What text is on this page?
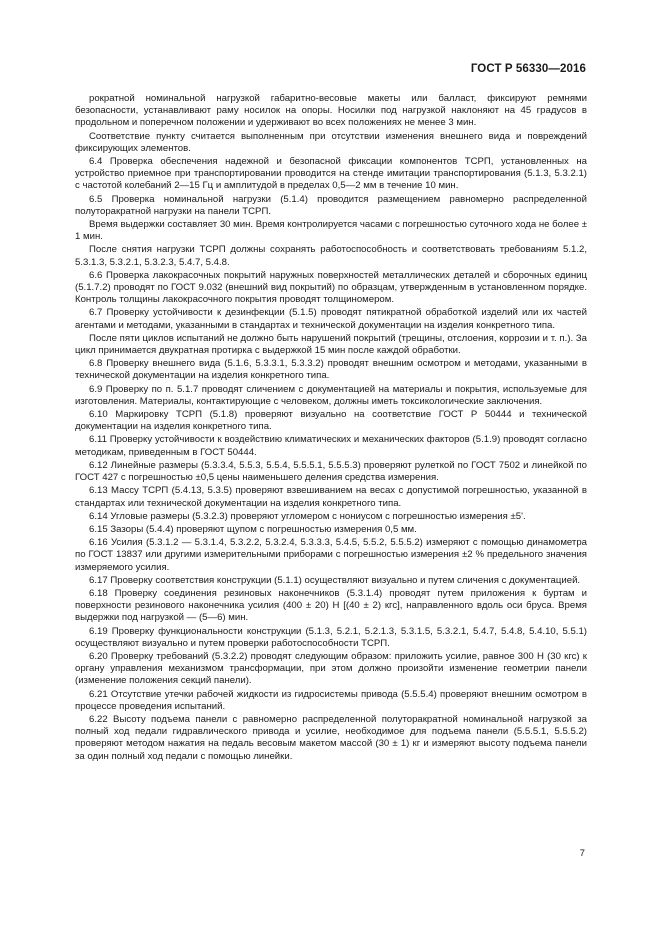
ГОСТ Р 56330—2016

рократной номинальной нагрузкой габаритно-весовые макеты или балласт, фиксируют ремнями безопасности, устанавливают раму носилок на опоры. Носилки под нагрузкой наклоняют на 45 градусов в продольном и поперечном положении и удерживают во всех положениях не менее 3 мин.

Соответствие пункту считается выполненным при отсутствии изменения внешнего вида и повреждений фиксирующих элементов.

6.4 Проверка обеспечения надежной и безопасной фиксации компонентов ТСРП, установленных на устройство приемное при транспортировании проводится на стенде имитации транспортирования (5.1.3, 5.3.2.1) с частотой колебаний 2—15 Гц и амплитудой в пределах 0,5—2 мм в течение 10 мин.

6.5 Проверка номинальной нагрузки (5.1.4) проводится размещением равномерно распределенной полуторакратной нагрузки на панели ТСРП.

Время выдержки составляет 30 мин. Время контролируется часами с погрешностью суточного хода не более ± 1 мин.

После снятия нагрузки ТСРП должны сохранять работоспособность и соответствовать требованиям 5.1.2, 5.3.1.3, 5.3.2.1, 5.3.2.3, 5.4.7, 5.4.8.

6.6 Проверка лакокрасочных покрытий наружных поверхностей металлических деталей и сборочных единиц (5.1.7.2) проводят по ГОСТ 9.032 (внешний вид покрытий) по образцам, утвержденным в установленном порядке. Контроль толщины лакокрасочного покрытия проводят толщиномером.

6.7 Проверку устойчивости к дезинфекции (5.1.5) проводят пятикратной обработкой изделий или их частей агентами и методами, указанными в стандартах и технической документации на изделия конкретного типа.

После пяти циклов испытаний не должно быть нарушений покрытий (трещины, отслоения, коррозии и т. п.). За цикл принимается двукратная протирка с выдержкой 15 мин после каждой обработки.

6.8 Проверку внешнего вида (5.1.6, 5.3.3.1, 5.3.3.2) проводят внешним осмотром и методами, указанными в технической документации на изделия конкретного типа.

6.9 Проверку по п. 5.1.7 проводят сличением с документацией на материалы и покрытия, используемые для изготовления. Материалы, контактирующие с человеком, должны иметь токсикологические заключения.

6.10 Маркировку ТСРП (5.1.8) проверяют визуально на соответствие ГОСТ Р 50444 и технической документации на изделия конкретного типа.

6.11 Проверку устойчивости к воздействию климатических и механических факторов (5.1.9) проводят согласно методикам, приведенным в ГОСТ 50444.

6.12 Линейные размеры (5.3.3.4, 5.5.3, 5.5.4, 5.5.5.1, 5.5.5.3) проверяют рулеткой по ГОСТ 7502 и линейкой по ГОСТ 427 с погрешностью ±0,5 цены наименьшего деления средства измерения.

6.13 Массу ТСРП (5.4.13, 5.3.5) проверяют взвешиванием на весах с допустимой погрешностью, указанной в стандартах или технической документации на изделия конкретного типа.

6.14 Угловые размеры (5.3.2.3) проверяют угломером с нониусом с погрешностью измерения ±5'.

6.15 Зазоры (5.4.4) проверяют щупом с погрешностью измерения 0,5 мм.

6.16 Усилия (5.3.1.2 — 5.3.1.4, 5.3.2.2, 5.3.2.4, 5.3.3.3, 5.4.5, 5.5.2, 5.5.5.2) измеряют с помощью динамометра по ГОСТ 13837 или другими измерительными приборами с погрешностью измерения ±2 % предельного значения измеряемого усилия.

6.17 Проверку соответствия конструкции (5.1.1) осуществляют визуально и путем сличения с документацией.

6.18 Проверку соединения резиновых наконечников (5.3.1.4) проводят путем приложения к буртам и поверхности резинового наконечника усилия (400 ± 20) Н [(40 ± 2) кгс], направленного вдоль оси бруса. Время выдержки под нагрузкой — (5—6) мин.

6.19 Проверку функциональности конструкции (5.1.3, 5.2.1, 5.2.1.3, 5.3.1.5, 5.3.2.1, 5.4.7, 5.4.8, 5.4.10, 5.5.1) осуществляют визуально и путем проверки работоспособности ТСРП.

6.20 Проверку требований (5.3.2.2) проводят следующим образом: приложить усилие, равное 300 Н (30 кгс) к органу управления механизмом трансформации, при этом должно произойти изменение геометрии панели (изменение положения секций панели).

6.21 Отсутствие утечки рабочей жидкости из гидросистемы привода (5.5.5.4) проверяют внешним осмотром в процессе проведения испытаний.

6.22 Высоту подъема панели с равномерно распределенной полуторакратной номинальной нагрузкой за полный ход педали гидравлического привода и усилие, необходимое для подъема панели (5.5.5.1, 5.5.5.2) проверяют методом нажатия на педаль весовым макетом массой (30 ± 1) кг и измеряют высоту подъема панели за один полный ход педали с помощью линейки.

7
